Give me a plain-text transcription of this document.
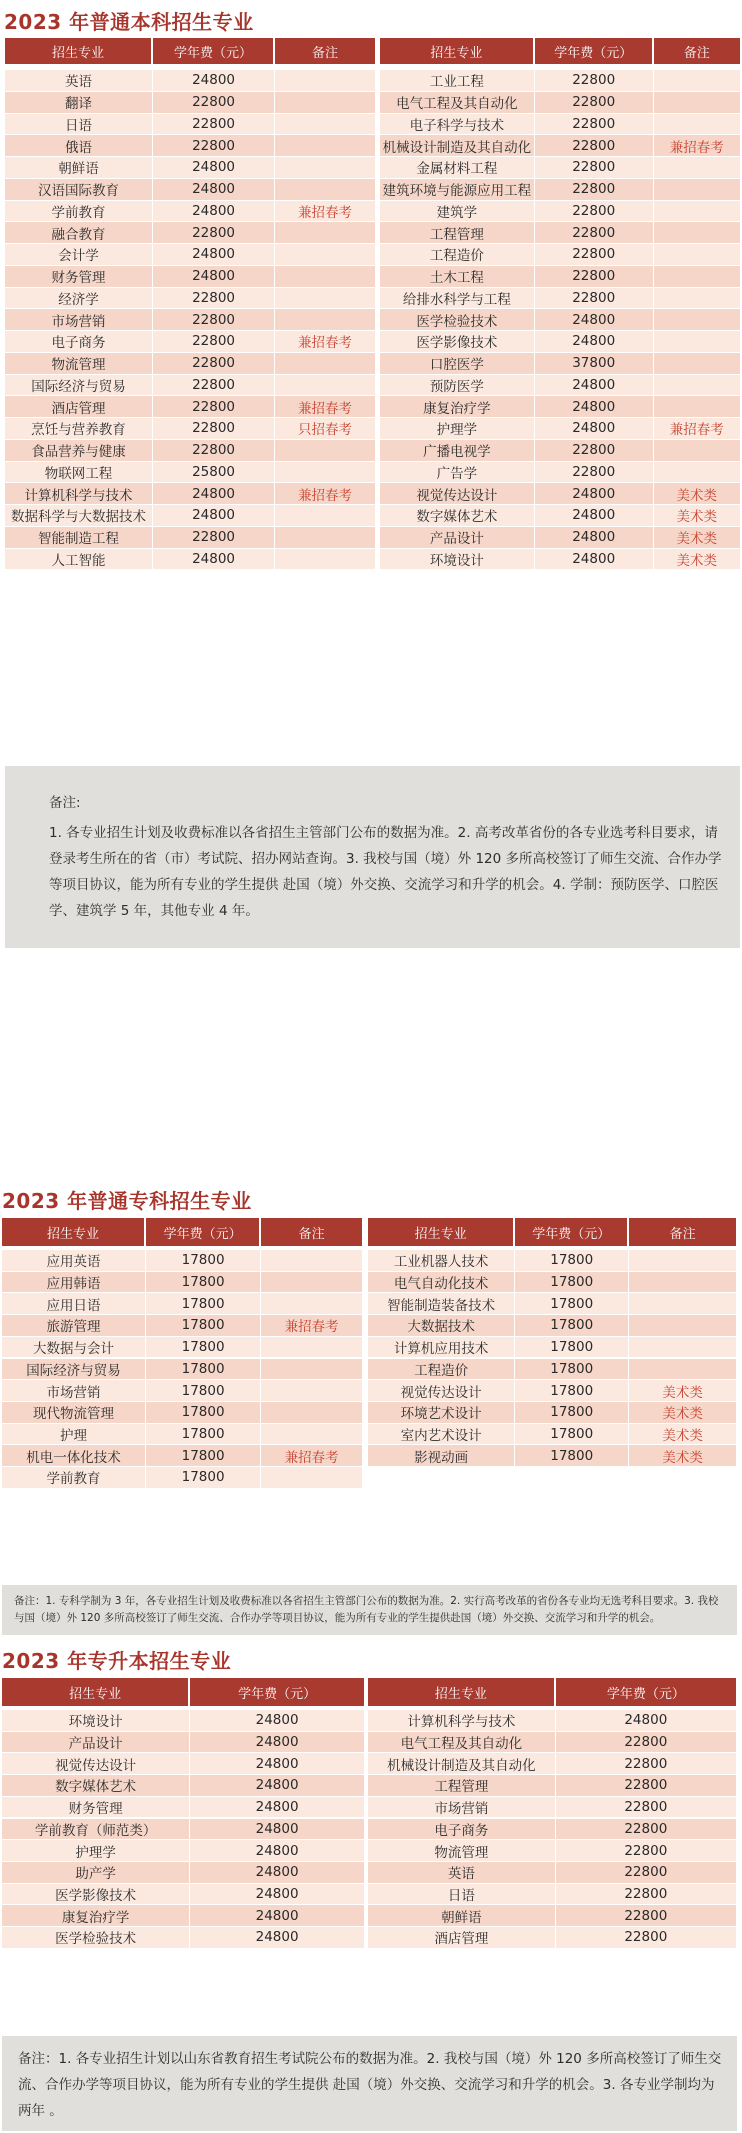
2023 年普通本科招生专业
招生专业	学年费（元）	备注
英语	24800
翻译	22800
日语	22800
俄语	22800
朝鲜语	24800
汉语国际教育	24800
学前教育	24800	兼招春考
融合教育	22800
会计学	24800
财务管理	24800
经济学	22800
市场营销	22800
电子商务	22800	兼招春考
物流管理	22800
国际经济与贸易	22800
酒店管理	22800	兼招春考
烹饪与营养教育	22800	只招春考
食品营养与健康	22800
物联网工程	25800
计算机科学与技术	24800	兼招春考
数据科学与大数据技术	24800
智能制造工程	22800
人工智能	24800
招生专业	学年费（元）	备注
工业工程	22800
电气工程及其自动化	22800
电子科学与技术	22800
机械设计制造及其自动化	22800	兼招春考
金属材料工程	22800
建筑环境与能源应用工程	22800
建筑学	22800
工程管理	22800
工程造价	22800
土木工程	22800
给排水科学与工程	22800
医学检验技术	24800
医学影像技术	24800
口腔医学	37800
预防医学	24800
康复治疗学	24800
护理学	24800	兼招春考
广播电视学	22800
广告学	22800
视觉传达设计	24800	美术类
数字媒体艺术	24800	美术类
产品设计	24800	美术类
环境设计	24800	美术类
备注:

1. 各专业招生计划及收费标准以各省招生主管部门公布的数据为准。2. 高考改革省份的各专业选考科目要求，请登录考生所在的省（市）考试院、招办网站查询。3. 我校与国（境）外 120 多所高校签订了师生交流、合作办学等项目协议，能为所有专业的学生提供 赴国（境）外交换、交流学习和升学的机会。4. 学制：预防医学、口腔医学、建筑学 5 年，其他专业 4 年。

2023 年普通专科招生专业
招生专业	学年费（元）	备注
应用英语	17800
应用韩语	17800
应用日语	17800
旅游管理	17800	兼招春考
大数据与会计	17800
国际经济与贸易	17800
市场营销	17800
现代物流管理	17800
护理	17800
机电一体化技术	17800	兼招春考
学前教育	17800
招生专业	学年费（元）	备注
工业机器人技术	17800
电气自动化技术	17800
智能制造装备技术	17800
大数据技术	17800
计算机应用技术	17800
工程造价	17800
视觉传达设计	17800	美术类
环境艺术设计	17800	美术类
室内艺术设计	17800	美术类
影视动画	17800	美术类

备注：1. 专科学制为 3 年，各专业招生计划及收费标准以各省招生主管部门公布的数据为准。2. 实行高考改革的省份各专业均无选考科目要求。3. 我校与国（境）外 120 多所高校签订了师生交流、合作办学等项目协议，能为所有专业的学生提供赴国（境）外交换、交流学习和升学的机会。

2023 年专升本招生专业
招生专业	学年费（元）
环境设计	24800
产品设计	24800
视觉传达设计	24800
数字媒体艺术	24800
财务管理	24800
学前教育（师范类）	24800
护理学	24800
助产学	24800
医学影像技术	24800
康复治疗学	24800
医学检验技术	24800
招生专业	学年费（元）
计算机科学与技术	24800
电气工程及其自动化	22800
机械设计制造及其自动化	22800
工程管理	22800
市场营销	22800
电子商务	22800
物流管理	22800
英语	22800
日语	22800
朝鲜语	22800
酒店管理	22800

备注：1. 各专业招生计划以山东省教育招生考试院公布的数据为准。2. 我校与国（境）外 120 多所高校签订了师生交流、合作办学等项目协议，能为所有专业的学生提供 赴国（境）外交换、交流学习和升学的机会。3. 各专业学制均为两年 。
